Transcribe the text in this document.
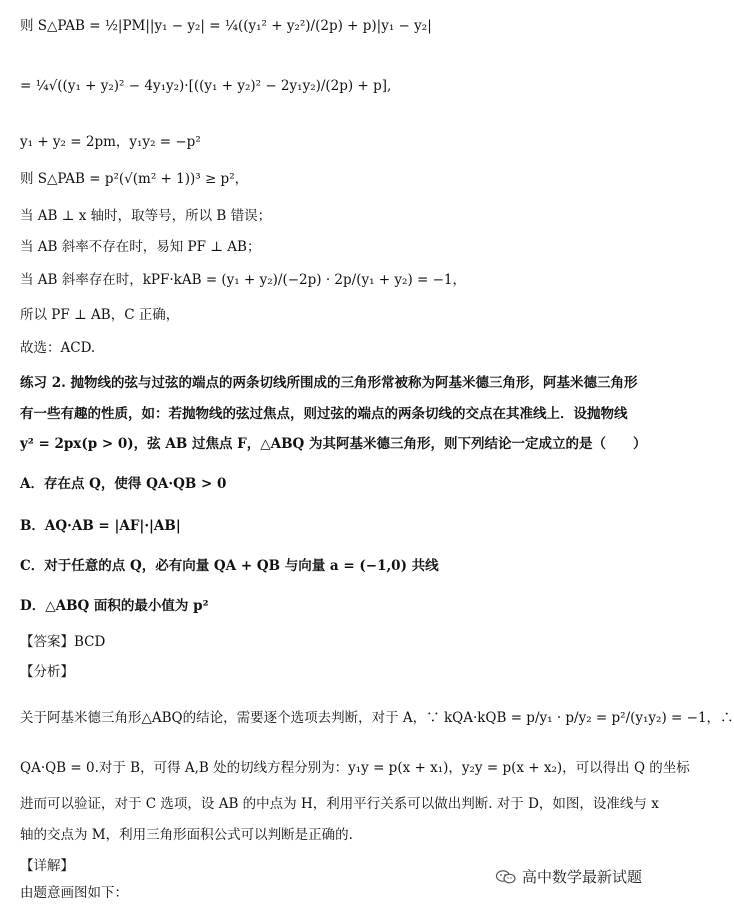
则 S△PAB = ½|PM||y₁ − y₂| = ¼((y₁² + y₂²)/(2p) + p)|y₁ − y₂|
= ¼√((y₁ + y₂)² − 4y₁y₂)·[((y₁ + y₂)² − 2y₁y₂)/(2p) + p],
y₁ + y₂ = 2pm，y₁y₂ = −p²
则 S△PAB = p²(√(m² + 1))³ ≥ p²，
当 AB ⊥ x 轴时，取等号，所以 B 错误；
当 AB 斜率不存在时，易知 PF ⊥ AB；
当 AB 斜率存在时，kPF·kAB = (y₁ + y₂)/(−2p) · 2p/(y₁ + y₂) = −1，
所以 PF ⊥ AB，C 正确，
故选：ACD.
练习 2. 抛物线的弦与过弦的端点的两条切线所围成的三角形常被称为阿基米德三角形，阿基米德三角形有一些有趣的性质，如：若抛物线的弦过焦点，则过弦的端点的两条切线的交点在其准线上．设抛物线
y² = 2px(p > 0)，弦 AB 过焦点 F，△ABQ 为其阿基米德三角形，则下列结论一定成立的是（　　）
A．存在点 Q，使得 QA·QB > 0
B．AQ·AB = |AF|·|AB|
C．对于任意的点 Q，必有向量 QA + QB 与向量 a = (−1,0) 共线
D．△ABQ 面积的最小值为 p²
【答案】BCD
【分析】
关于阿基米德三角形△ABQ的结论，需要逐个选项去判断，对于 A，∵ kQA·kQB = p/y₁ · p/y₂ = p²/(y₁y₂) = −1，∴
QA·QB = 0.对于 B，可得 A,B 处的切线方程分别为：y₁y = p(x + x₁)，y₂y = p(x + x₂)，可以得出 Q 的坐标
进而可以验证，对于 C 选项，设 AB 的中点为 H，利用平行关系可以做出判断. 对于 D，如图，设准线与 x
轴的交点为 M，利用三角形面积公式可以判断是正确的.
【详解】
由题意画图如下：
高中数学最新试题
